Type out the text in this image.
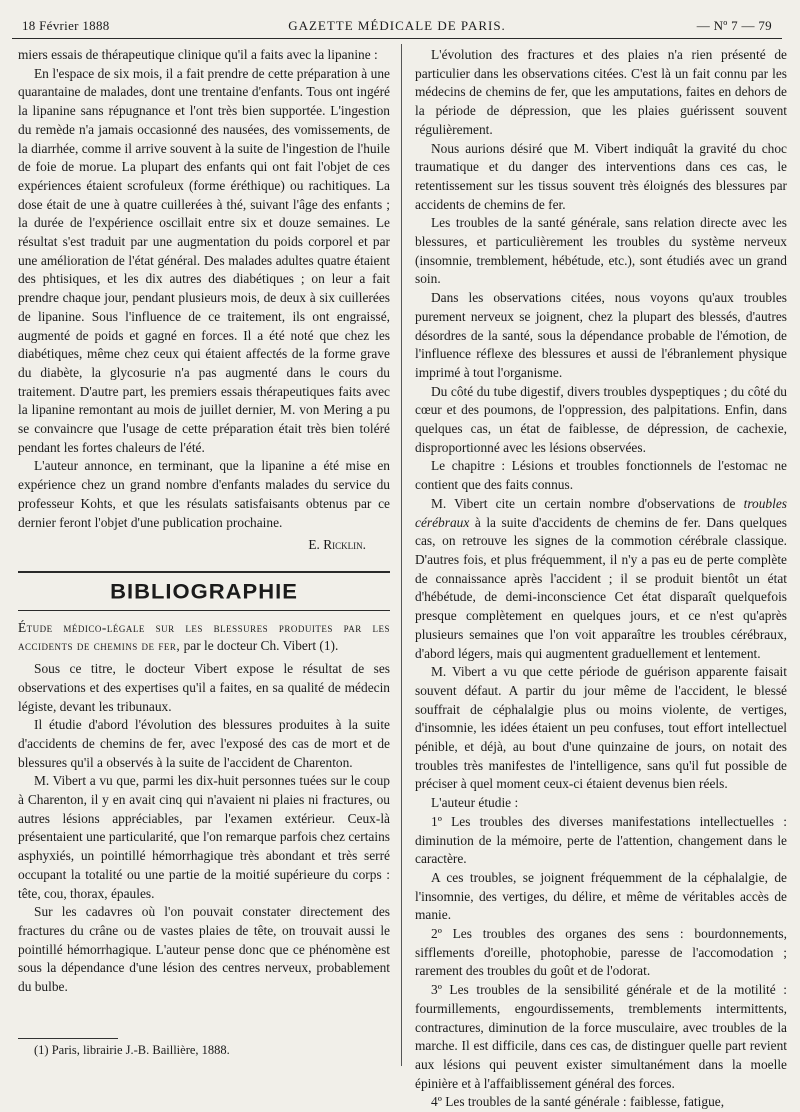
18 Février 1888	GAZETTE MÉDICALE DE PARIS.	— Nº 7 — 79

miers essais de thérapeutique clinique qu'il a faits avec la lipanine :

En l'espace de six mois, il a fait prendre de cette préparation à une quarantaine de malades, dont une trentaine d'enfants. Tous ont ingéré la lipanine sans répugnance et l'ont très bien supportée. L'ingestion du remède n'a jamais occasionné des nausées, des vomissements, de la diarrhée, comme il arrive souvent à la suite de l'ingestion de l'huile de foie de morue. La plupart des enfants qui ont fait l'objet de ces expériences étaient scrofuleux (forme éréthique) ou rachitiques. La dose était de une à quatre cuillerées à thé, suivant l'âge des enfants ; la durée de l'expérience oscillait entre six et douze semaines. Le résultat s'est traduit par une augmentation du poids corporel et par une amélioration de l'état général. Des malades adultes quatre étaient des phtisiques, et les dix autres des diabétiques ; on leur a fait prendre chaque jour, pendant plusieurs mois, de deux à six cuillerées de lipanine. Sous l'influence de ce traitement, ils ont engraissé, augmenté de poids et gagné en forces. Il a été noté que chez les diabétiques, même chez ceux qui étaient affectés de la forme grave du diabète, la glycosurie n'a pas augmenté dans le cours du traitement. D'autre part, les premiers essais thérapeutiques faits avec la lipanine remontant au mois de juillet dernier, M. von Mering a pu se convaincre que l'usage de cette préparation était très bien toléré pendant les fortes chaleurs de l'été.

L'auteur annonce, en terminant, que la lipanine a été mise en expérience chez un grand nombre d'enfants malades du service du professeur Kohts, et que les résulats satisfaisants obtenus par ce dernier feront l'objet d'une publication prochaine.

E. Ricklin.

BIBLIOGRAPHIE

Étude médico-légale sur les blessures produites par les accidents de chemins de fer, par le docteur Ch. Vibert (1).

Sous ce titre, le docteur Vibert expose le résultat de ses observations et des expertises qu'il a faites, en sa qualité de médecin légiste, devant les tribunaux.

Il étudie d'abord l'évolution des blessures produites à la suite d'accidents de chemins de fer, avec l'exposé des cas de mort et de blessures qu'il a observés à la suite de l'accident de Charenton.

M. Vibert a vu que, parmi les dix-huit personnes tuées sur le coup à Charenton, il y en avait cinq qui n'avaient ni plaies ni fractures, ou autres lésions appréciables, par l'examen extérieur. Ceux-là présentaient une particularité, que l'on remarque parfois chez certains asphyxiés, un pointillé hémorrhagique très abondant et très serré occupant la totalité ou une partie de la moitié supérieure du corps : tête, cou, thorax, épaules.

Sur les cadavres où l'on pouvait constater directement des fractures du crâne ou de vastes plaies de tête, on trouvait aussi le pointillé hémorrhagique. L'auteur pense donc que ce phénomène est sous la dépendance d'une lésion des centres nerveux, probablement du bulbe.

(1) Paris, librairie J.-B. Baillière, 1888.

L'évolution des fractures et des plaies n'a rien présenté de particulier dans les observations citées. C'est là un fait connu par les médecins de chemins de fer, que les amputations, faites en dehors de la période de dépression, que les plaies guérissent souvent régulièrement.

Nous aurions désiré que M. Vibert indiquât la gravité du choc traumatique et du danger des interventions dans ces cas, le retentissement sur les tissus souvent très éloignés des blessures par accidents de chemins de fer.

Les troubles de la santé générale, sans relation directe avec les blessures, et particulièrement les troubles du système nerveux (insomnie, tremblement, hébétude, etc.), sont étudiés avec un grand soin.

Dans les observations citées, nous voyons qu'aux troubles purement nerveux se joignent, chez la plupart des blessés, d'autres désordres de la santé, sous la dépendance probable de l'émotion, de l'influence réflexe des blessures et aussi de l'ébranlement physique imprimé à tout l'organisme.

Du côté du tube digestif, divers troubles dyspeptiques ; du côté du cœur et des poumons, de l'oppression, des palpitations. Enfin, dans quelques cas, un état de faiblesse, de dépression, de cachexie, disproportionné avec les lésions observées.

Le chapitre : Lésions et troubles fonctionnels de l'estomac ne contient que des faits connus.

M. Vibert cite un certain nombre d'observations de troubles cérébraux à la suite d'accidents de chemins de fer. Dans quelques cas, on retrouve les signes de la commotion cérébrale classique. D'autres fois, et plus fréquemment, il n'y a pas eu de perte complète de connaissance après l'accident ; il se produit bientôt un état d'hébétude, de demi-inconscience Cet état disparaît quelquefois presque complètement en quelques jours, et ce n'est qu'après plusieurs semaines que l'on voit apparaître les troubles cérébraux, d'abord légers, mais qui augmentent graduellement et lentement.

M. Vibert a vu que cette période de guérison apparente faisait souvent défaut. A partir du jour même de l'accident, le blessé souffrait de céphalalgie plus ou moins violente, de vertiges, d'insomnie, les idées étaient un peu confuses, tout effort intellectuel pénible, et déjà, au bout d'une quinzaine de jours, on notait des troubles très manifestes de l'intelligence, sans qu'il fut possible de préciser à quel moment ceux-ci étaient devenus bien réels.

L'auteur étudie :

1º Les troubles des diverses manifestations intellectuelles : diminution de la mémoire, perte de l'attention, changement dans le caractère.

A ces troubles, se joignent fréquemment de la céphalalgie, de l'insomnie, des vertiges, du délire, et même de véritables accès de manie.

2º Les troubles des organes des sens : bourdonnements, sifflements d'oreille, photophobie, paresse de l'accomodation ; rarement des troubles du goût et de l'odorat.

3º Les troubles de la sensibilité générale et de la motilité : fourmillements, engourdissements, tremblements intermittents, contractures, diminution de la force musculaire, avec troubles de la marche. Il est difficile, dans ces cas, de distinguer quelle part revient aux lésions qui peuvent exister simultanément dans la moelle épinière et à l'affaiblissement général des forces.

4º Les troubles de la santé générale : faiblesse, fatigue,
